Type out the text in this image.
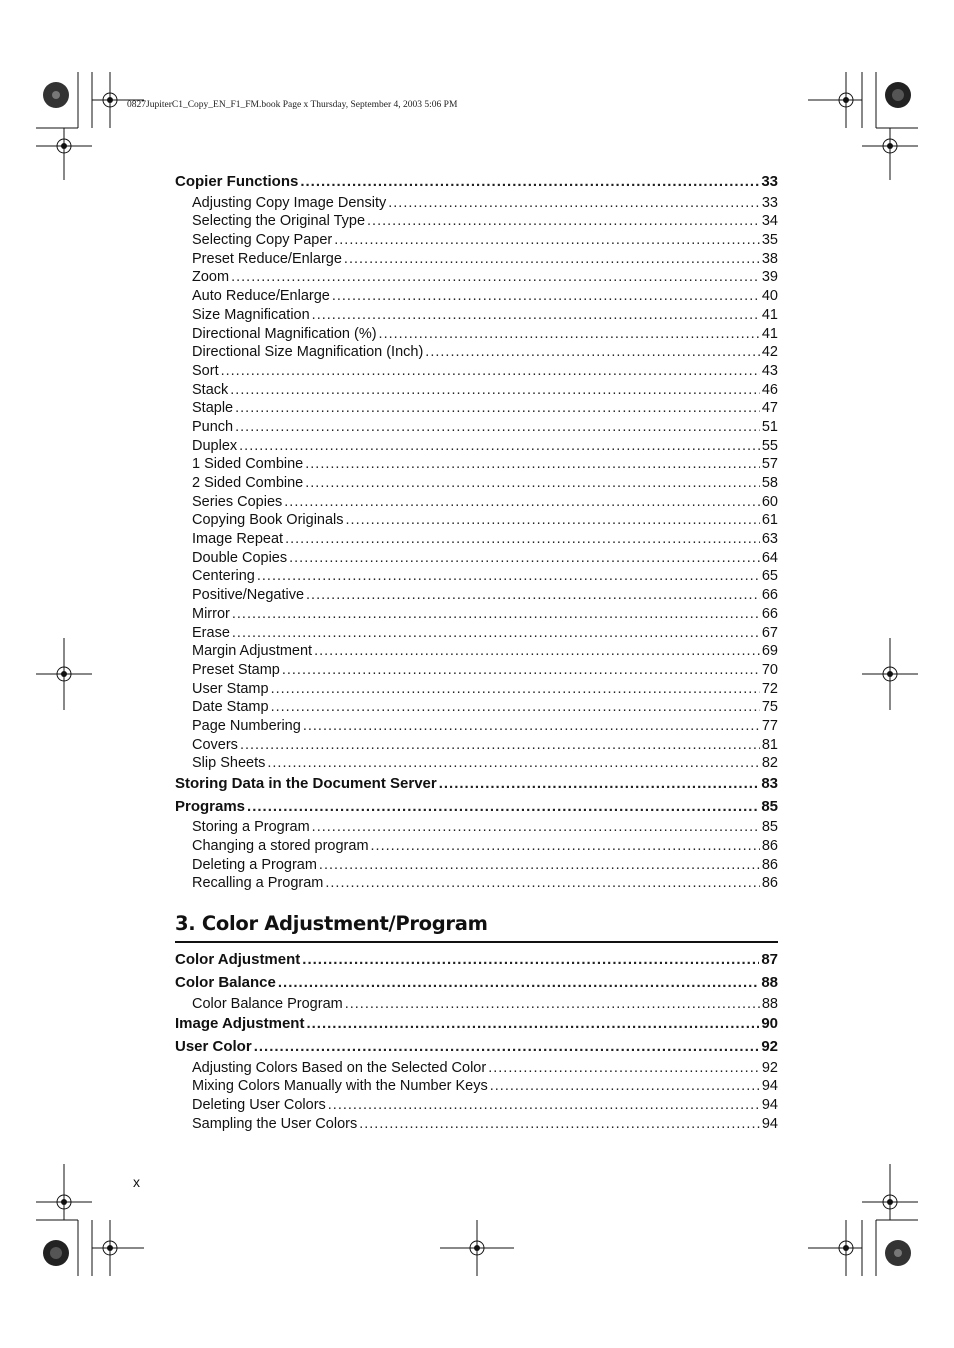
0827JupiterC1_Copy_EN_F1_FM.book Page x Thursday, September 4, 2003 5:06 PM
Copier Functions .....	33
Adjusting Copy Image Density .....	33
Selecting the Original Type .....	34
Selecting Copy Paper .....	35
Preset Reduce/Enlarge .....	38
Zoom .....	39
Auto Reduce/Enlarge .....	40
Size Magnification .....	41
Directional Magnification (%) .....	41
Directional Size Magnification (Inch) .....	42
Sort .....	43
Stack .....	46
Staple .....	47
Punch .....	51
Duplex .....	55
1 Sided Combine .....	57
2 Sided Combine .....	58
Series Copies .....	60
Copying Book Originals .....	61
Image Repeat .....	63
Double Copies .....	64
Centering .....	65
Positive/Negative .....	66
Mirror .....	66
Erase .....	67
Margin Adjustment .....	69
Preset Stamp .....	70
User Stamp .....	72
Date Stamp .....	75
Page Numbering .....	77
Covers .....	81
Slip Sheets .....	82
Storing Data in the Document Server .....	83
Programs .....	85
Storing a Program .....	85
Changing a stored program .....	86
Deleting a Program .....	86
Recalling a Program .....	86
3. Color Adjustment/Program
Color Adjustment .....	87
Color Balance .....	88
Color Balance Program .....	88
Image Adjustment .....	90
User Color .....	92
Adjusting Colors Based on the Selected Color .....	92
Mixing Colors Manually with the Number Keys .....	94
Deleting User Colors .....	94
Sampling the User Colors .....	94
x
